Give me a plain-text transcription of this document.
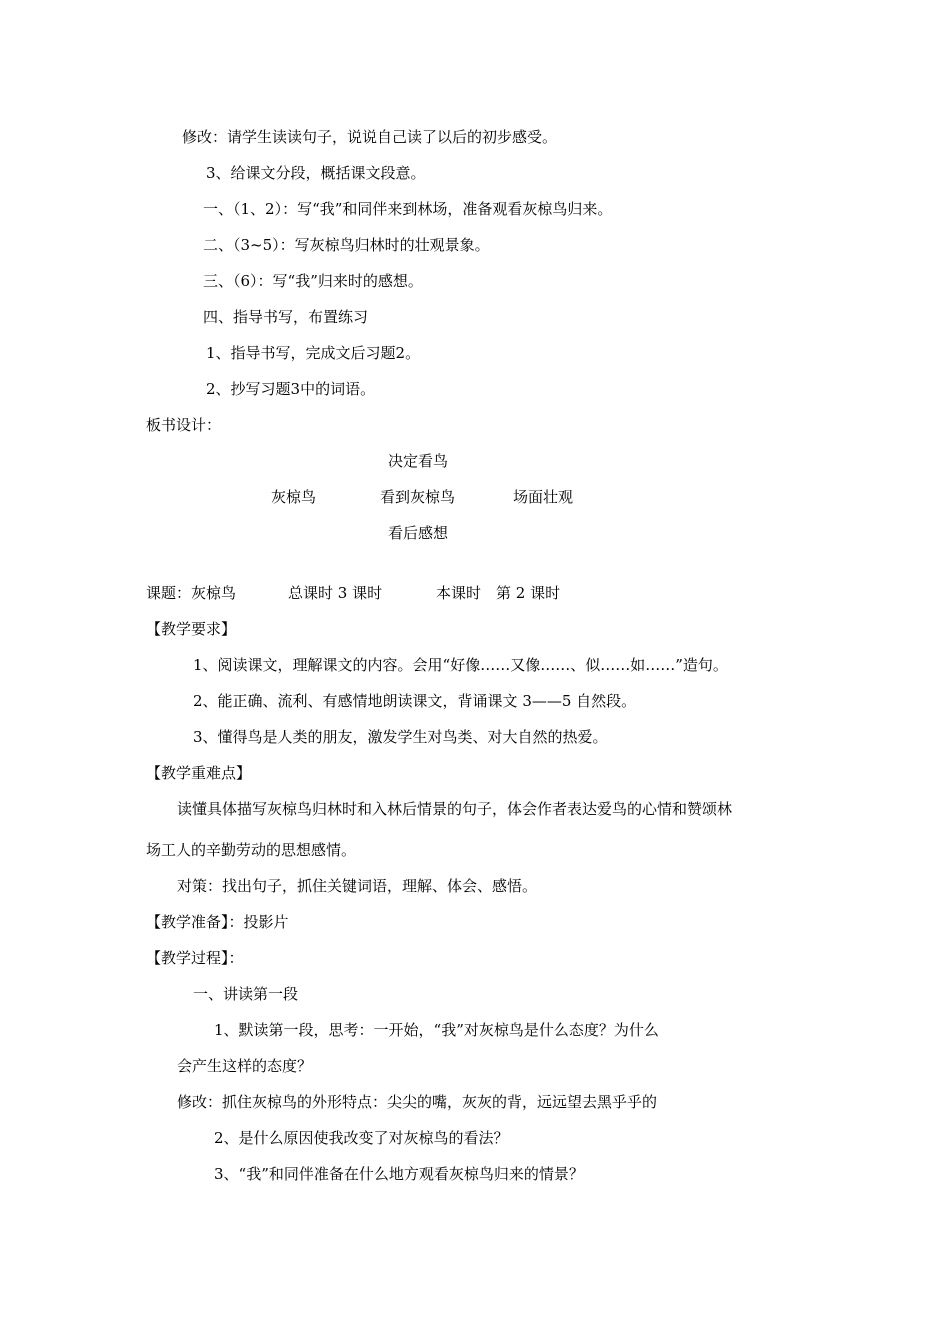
修改：请学生读读句子，说说自己读了以后的初步感受。
3、给课文分段，概括课文段意。
一、（1、2）：写“我”和同伴来到林场，准备观看灰椋鸟归来。
二、（3~5）：写灰椋鸟归林时的壮观景象。
三、（6）：写“我”归来时的感想。
四、指导书写，布置练习
1、指导书写，完成文后习题2。
2、抄写习题3中的词语。
板书设计：
决定看鸟
灰椋鸟	看到灰椋鸟	场面壮观
看后感想
课题：灰椋鸟	总课时 3 课时	本课时　第 2 课时
【教学要求】
1、阅读课文，理解课文的内容。会用“好像……又像……、似……如……”造句。
2、能正确、流利、有感情地朗读课文，背诵课文 3——5 自然段。
3、懂得鸟是人类的朋友，激发学生对鸟类、对大自然的热爱。
【教学重难点】
读懂具体描写灰椋鸟归林时和入林后情景的句子，体会作者表达爱鸟的心情和赞颂林
场工人的辛勤劳动的思想感情。
对策：找出句子，抓住关键词语，理解、体会、感悟。
【教学准备】：投影片
【教学过程】：
一、讲读第一段
1、默读第一段，思考：一开始，“我”对灰椋鸟是什么态度？为什么
会产生这样的态度？
修改：抓住灰椋鸟的外形特点：尖尖的嘴，灰灰的背，远远望去黑乎乎的
2、是什么原因使我改变了对灰椋鸟的看法？
3、“我”和同伴准备在什么地方观看灰椋鸟归来的情景？
